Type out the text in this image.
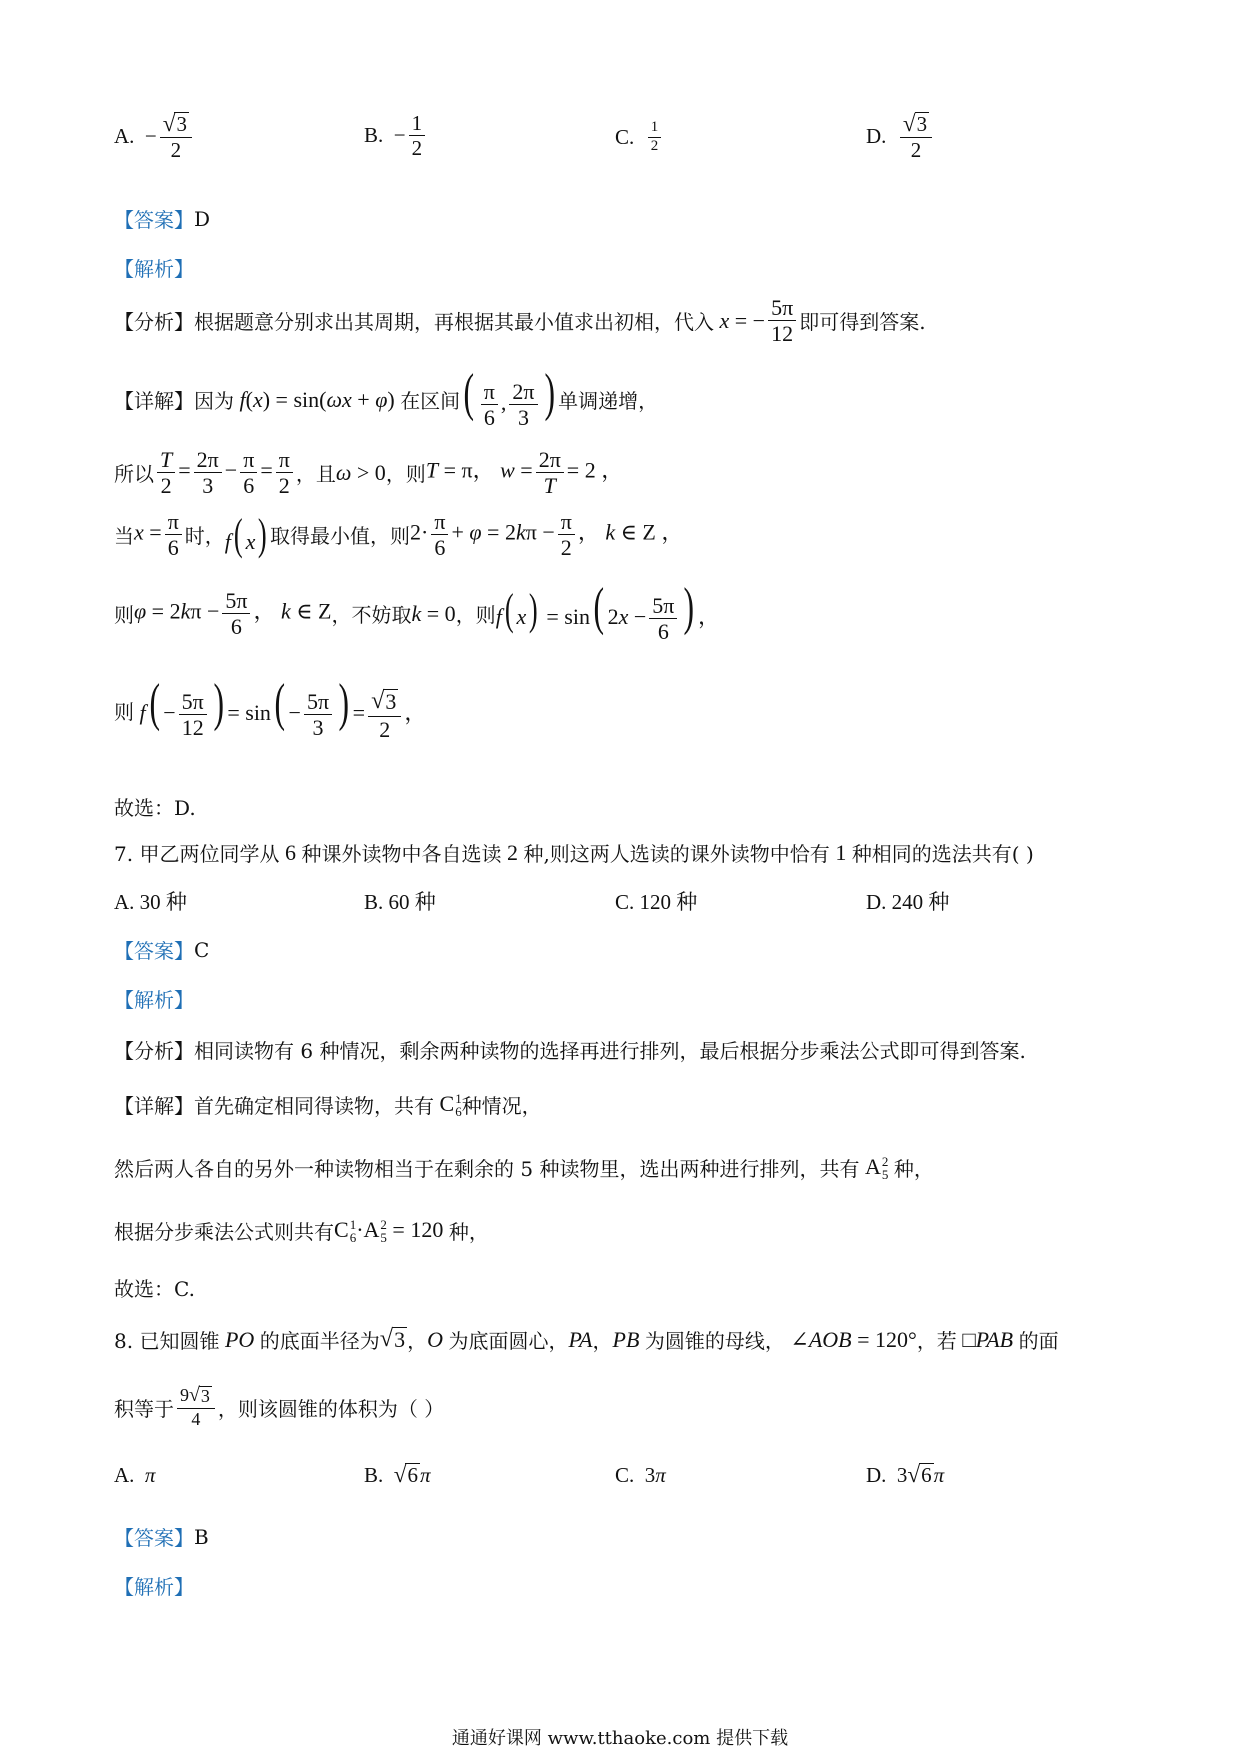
A. − $\frac{√ 3}{2}$	B. − $\frac{1}{2}$	C.
$\frac{1}{2}$	D.
$\frac{√ 3}{2}$
【答案】 D
【解析】
【分析】 根据题意分别求出其周期，再根据其最小值求出初相，代入 x = − $\frac{5\pi}{12}$ 即可得到答案.
【详解】 因为 f(x) = sin(ωx + φ) 在区间 ( $\frac{\pi}{6}$ , $\frac{2\pi}{3}$ ) 单调递增，
所以 $\frac{T}{2} = \frac{2\pi}{3} - \frac{\pi}{6} = \frac{\pi}{2}$ ，且 ω > 0 ，则 T = π， $w = \frac{2\pi}{T} = 2$ ，
当 $x = \frac{\pi}{6}$ 时， f( x) 取得最小值，则 $2\cdot \frac{\pi}{6} + \varphi = 2k\pi - \frac{\pi}{2}$ ， k ∈ Z ，
则 $\varphi = 2k\pi - \frac{5\pi}{6}$ ， k ∈ Z ，不妨取 k = 0 ，则 f( x) = sin( $2x - \frac{5\pi}{6}$ ) ，
则 $f( - \frac{5\pi}{12}$ ) = $\sin( - \frac{5\pi}{3}$ ) = $\frac{√ 3}{2}$ ，
故选：D.
7. 甲乙两位同学从 6 种课外读物中各自选读 2 种,则这两人选读的课外读物中恰有 1 种相同的选法共有( )
A. 30 种	B. 60 种	C. 120 种	D. 240 种
【答案】 C
【解析】
【分析】 相同读物有 6 种情况，剩余两种读物的选择再进行排列，最后根据分步乘法公式即可得到答案.
【详解】 首先确定相同得读物，共有 C 1
6 种情况，
然后两人各自的另外一种读物相当于在剩余的 5 种读物里，选出两种进行排列，共有 A 2
5
种，
根据分步乘法公式则共有 C 1
6 ·A 2
5 = 120 种，
故选：C.
8. 已知圆锥 PO 的底面半径为 √ 3 ， O 为底面圆心， PA ， PB 为圆锥的母线， ∠AOB = 120° ，若 □PAB 的面
积等于 $\frac{9 √ 3}{4}$ ，则该圆锥的体积为（ ）
A.
π	B.
√ 6 π	C. 3 π	D. 3 √ 6 π
【答案】 B
【解析】
通通好课网 www.tthaoke.com 提供下载
